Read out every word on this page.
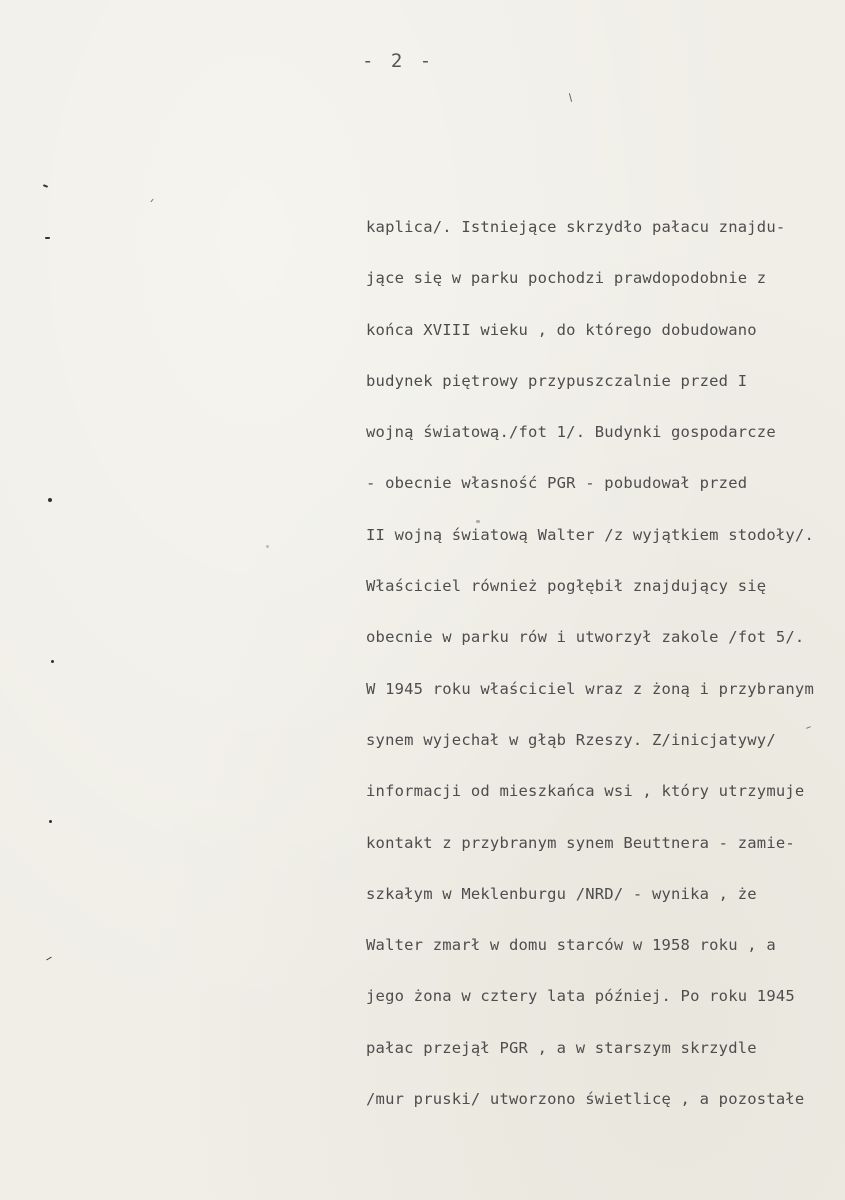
- 2 -
kaplica/. Istniejące skrzydło pałacu znajdu-
jące się w parku pochodzi prawdopodobnie z
końca XVIII wieku , do którego dobudowano
budynek piętrowy przypuszczalnie przed I
wojną światową./fot 1/. Budynki gospodarcze
- obecnie własność PGR - pobudował przed
II wojną światową Walter /z wyjątkiem stodoły/.
Właściciel również pogłębił znajdujący się
obecnie w parku rów i utworzył zakole /fot 5/.
W 1945 roku właściciel wraz z żoną i przybranym
synem wyjechał w głąb Rzeszy. Z/inicjatywy/
informacji od mieszkańca wsi , który utrzymuje
kontakt z przybranym synem Beuttnera - zamie-
szkałym w Meklenburgu /NRD/ - wynika , że
Walter zmarł w domu starców w 1958 roku , a
jego żona w cztery lata później. Po roku 1945
pałac przejął PGR , a w starszym skrzydle
/mur pruski/ utworzono świetlicę , a pozostałe
